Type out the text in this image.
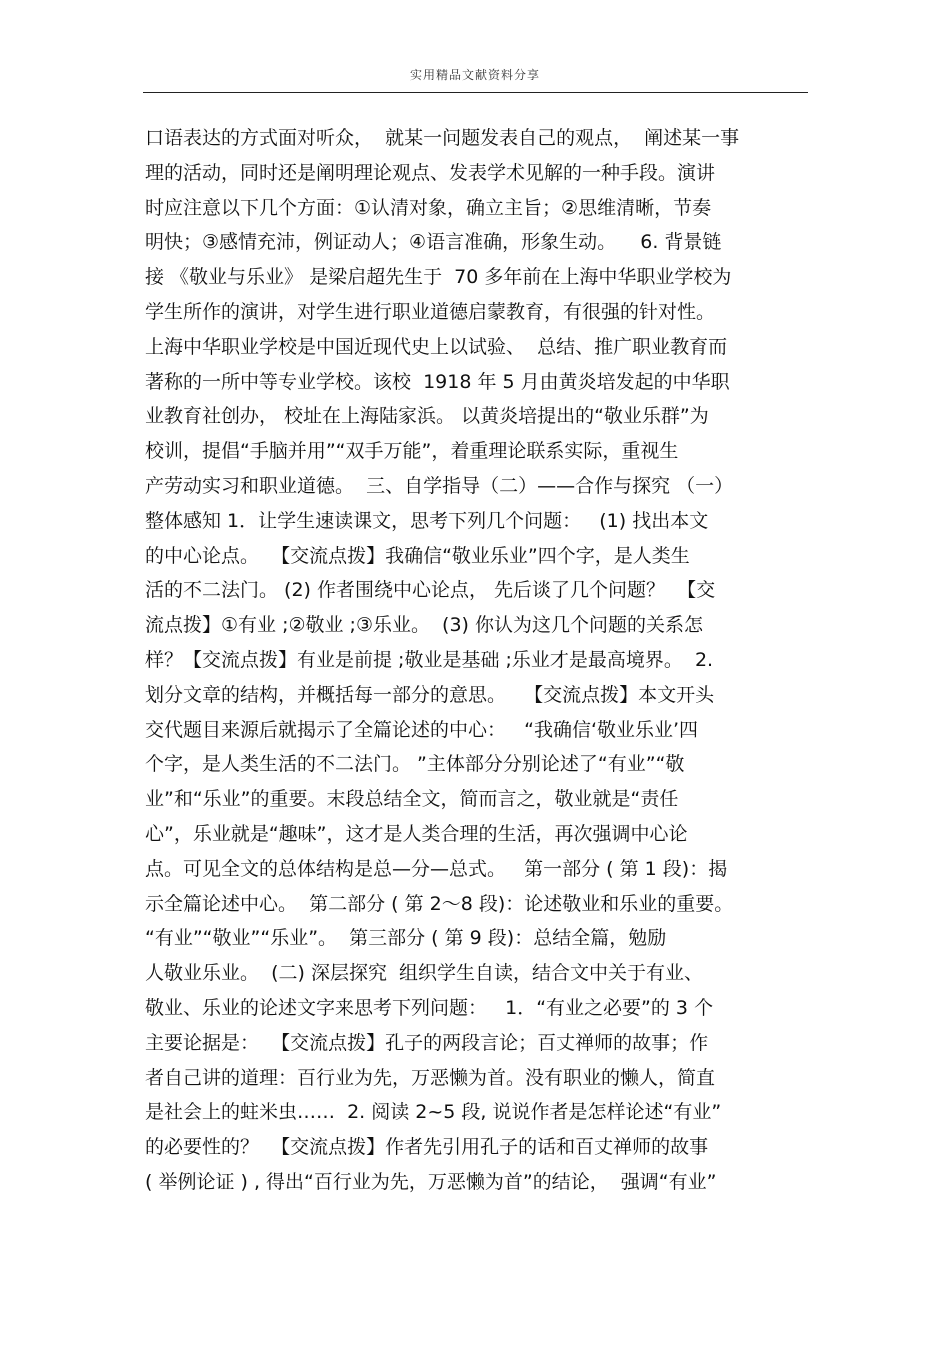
实用精品文献资料分享
口语表达的方式面对听众，  就某一问题发表自己的观点，  阐述某一事
理的活动，同时还是阐明理论观点、发表学术见解的一种手段。演讲
时应注意以下几个方面：①认清对象，确立主旨；②思维清晰，节奏
明快；③感情充沛，例证动人；④语言准确，形象生动。    6. 背景链
接 《敬业与乐业》 是梁启超先生于  70 多年前在上海中华职业学校为
学生所作的演讲，对学生进行职业道德启蒙教育，有很强的针对性。
上海中华职业学校是中国近现代史上以试验、  总结、推广职业教育而
著称的一所中等专业学校。该校  1918 年 5 月由黄炎培发起的中华职
业教育社创办， 校址在上海陆家浜。 以黄炎培提出的“敬业乐群”为
校训，提倡“手脑并用”“双手万能”，着重理论联系实际，重视生
产劳动实习和职业道德。  三、自学指导（二）——合作与探究 （一）
整体感知 1．让学生速读课文，思考下列几个问题：   (1) 找出本文
的中心论点。  【交流点拨】我确信“敬业乐业”四个字，是人类生
活的不二法门。 (2) 作者围绕中心论点， 先后谈了几个问题？  【交
流点拨】①有业 ;②敬业 ;③乐业。  (3) 你认为这几个问题的关系怎
样？【交流点拨】有业是前提 ;敬业是基础 ;乐业才是最高境界。  2.
划分文章的结构，并概括每一部分的意思。   【交流点拨】本文开头
交代题目来源后就揭示了全篇论述的中心：   “我确信‘敬业乐业’四
个字，是人类生活的不二法门。 ”主体部分分别论述了“有业”“敬
业”和“乐业”的重要。末段总结全文，简而言之，敬业就是“责任
心”，乐业就是“趣味”，这才是人类合理的生活，再次强调中心论
点。可见全文的总体结构是总—分—总式。   第一部分 ( 第 1 段)：揭
示全篇论述中心。  第二部分 ( 第 2～8 段)：论述敬业和乐业的重要。
“有业”“敬业”“乐业”。  第三部分 ( 第 9 段)：总结全篇，勉励
人敬业乐业。  (二) 深层探究  组织学生自读，结合文中关于有业、
敬业、乐业的论述文字来思考下列问题：   1．“有业之必要”的 3 个
主要论据是：  【交流点拨】孔子的两段言论；百丈禅师的故事；作
者自己讲的道理：百行业为先，万恶懒为首。没有职业的懒人，简直
是社会上的蛀米虫……  2. 阅读 2~5 段, 说说作者是怎样论述“有业”
的必要性的？  【交流点拨】作者先引用孔子的话和百丈禅师的故事
( 举例论证 ) , 得出“百行业为先，万恶懒为首”的结论，  强调“有业”
